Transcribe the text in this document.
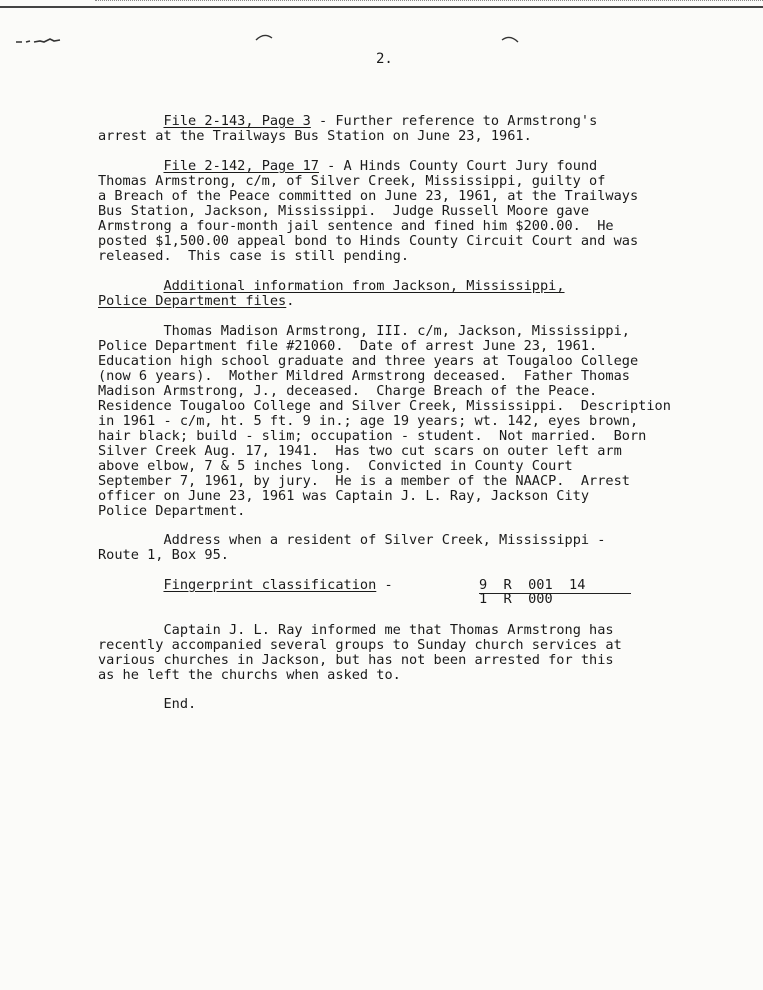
2.

File 2-143, Page 3 - Further reference to Armstrong's
arrest at the Trailways Bus Station on June 23, 1961.
File 2-142, Page 17 - A Hinds County Court Jury found
Thomas Armstrong, c/m, of Silver Creek, Mississippi, guilty of
a Breach of the Peace committed on June 23, 1961, at the Trailways
Bus Station, Jackson, Mississippi.  Judge Russell Moore gave
Armstrong a four-month jail sentence and fined him $200.00.  He
posted $1,500.00 appeal bond to Hinds County Circuit Court and was
released.  This case is still pending.
Additional information from Jackson, Mississippi,
Police Department files.
Thomas Madison Armstrong, III. c/m, Jackson, Mississippi,
Police Department file #21060.  Date of arrest June 23, 1961.
Education high school graduate and three years at Tougaloo College
(now 6 years).  Mother Mildred Armstrong deceased.  Father Thomas
Madison Armstrong, J., deceased.  Charge Breach of the Peace.
Residence Tougaloo College and Silver Creek, Mississippi.  Description
in 1961 - c/m, ht. 5 ft. 9 in.; age 19 years; wt. 142, eyes brown,
hair black; build - slim; occupation - student.  Not married.  Born
Silver Creek Aug. 17, 1941.  Has two cut scars on outer left arm
above elbow, 7 & 5 inches long.  Convicted in County Court
September 7, 1961, by jury.  He is a member of the NAACP.  Arrest
officer on June 23, 1961 was Captain J. L. Ray, Jackson City
Police Department.
Address when a resident of Silver Creek, Mississippi -
Route 1, Box 95.
Fingerprint classification -
Captain J. L. Ray informed me that Thomas Armstrong has
recently accompanied several groups to Sunday church services at
various churches in Jackson, but has not been arrested for this
as he left the churchs when asked to.
End.

9  R  001  14

1  R  000
